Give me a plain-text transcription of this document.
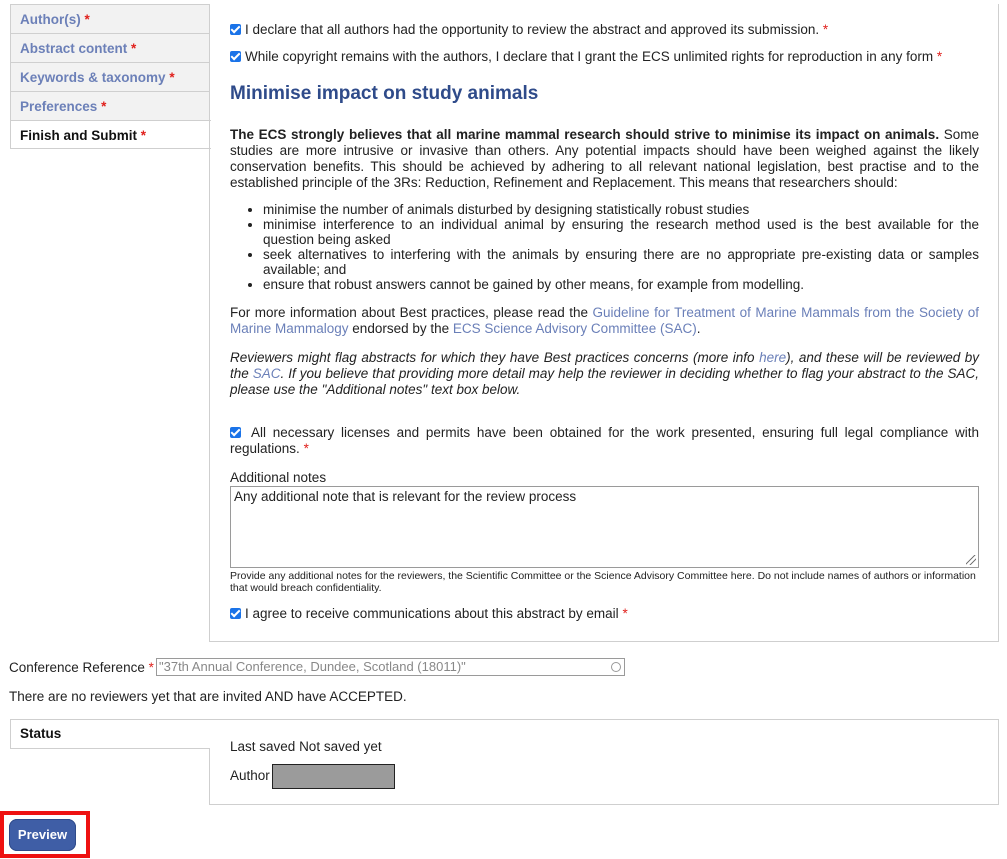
Author(s) *
Abstract content *
Keywords & taxonomy *
Preferences *
Finish and Submit *
I declare that all authors had the opportunity to review the abstract and approved its submission. *
While copyright remains with the authors, I declare that I grant the ECS unlimited rights for reproduction in any form *
Minimise impact on study animals

The ECS strongly believes that all marine mammal research should strive to minimise its impact on animals. Some studies are more intrusive or invasive than others. Any potential impacts should have been weighed against the likely conservation benefits. This should be achieved by adhering to all relevant national legislation, best practise and to the established principle of the 3Rs: Reduction, Refinement and Replacement. This means that researchers should:

• minimise the number of animals disturbed by designing statistically robust studies
• minimise interference to an individual animal by ensuring the research method used is the best available for the question being asked
• seek alternatives to interfering with the animals by ensuring there are no appropriate pre-existing data or samples available; and
• ensure that robust answers cannot be gained by other means, for example from modelling.

For more information about Best practices, please read the Guideline for Treatment of Marine Mammals from the Society of Marine Mammalogy endorsed by the ECS Science Advisory Committee (SAC).

Reviewers might flag abstracts for which they have Best practices concerns (more info here), and these will be reviewed by the SAC. If you believe that providing more detail may help the reviewer in deciding whether to flag your abstract to the SAC, please use the "Additional notes" text box below.

All necessary licenses and permits have been obtained for the work presented, ensuring full legal compliance with regulations. *
Additional notes
Any additional note that is relevant for the review process
Provide any additional notes for the reviewers, the Scientific Committee or the Science Advisory Committee here. Do not include names of authors or information that would breach confidentiality.
I agree to receive communications about this abstract by email *
Conference Reference * "37th Annual Conference, Dundee, Scotland (18011)"
There are no reviewers yet that are invited AND have ACCEPTED.
Status
Last saved Not saved yet
Author
Preview
